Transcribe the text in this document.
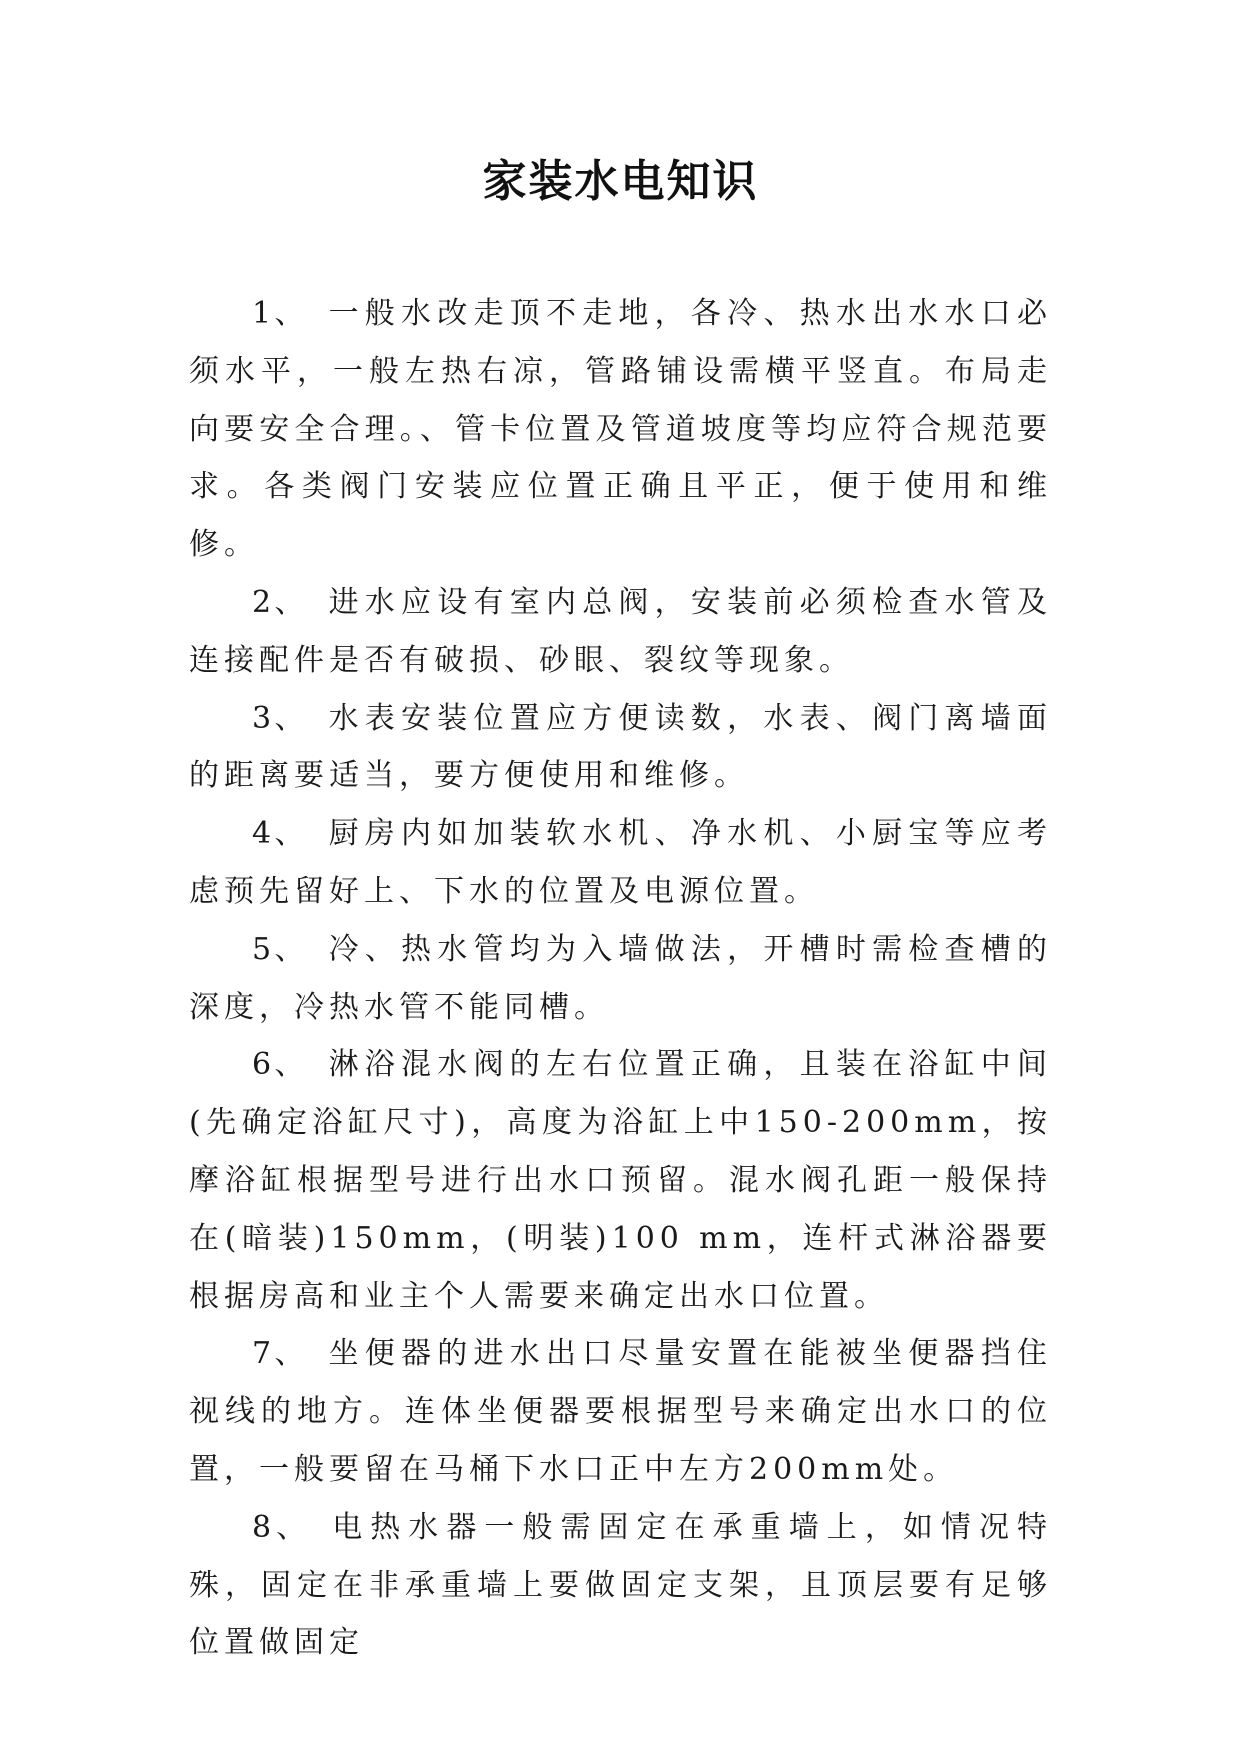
家装水电知识

1、 一般水改走顶不走地，各冷、热水出水水口必须水平，一般左热右凉，管路铺设需横平竖直。布局走向要安全合理。、管卡位置及管道坡度等均应符合规范要求。各类阀门安装应位置正确且平正，便于使用和维修。

2、 进水应设有室内总阀，安装前必须检查水管及连接配件是否有破损、砂眼、裂纹等现象。

3、 水表安装位置应方便读数，水表、阀门离墙面的距离要适当，要方便使用和维修。

4、 厨房内如加装软水机、净水机、小厨宝等应考虑预先留好上、下水的位置及电源位置。

5、 冷、热水管均为入墙做法，开槽时需检查槽的深度，冷热水管不能同槽。

6、 淋浴混水阀的左右位置正确，且装在浴缸中间(先确定浴缸尺寸)，高度为浴缸上中150-200mm，按摩浴缸根据型号进行出水口预留。混水阀孔距一般保持在(暗装)150mm，(明装)100 mm，连杆式淋浴器要根据房高和业主个人需要来确定出水口位置。

7、 坐便器的进水出口尽量安置在能被坐便器挡住视线的地方。连体坐便器要根据型号来确定出水口的位置，一般要留在马桶下水口正中左方200mm处。

8、 电热水器一般需固定在承重墙上，如情况特殊，固定在非承重墙上要做固定支架，且顶层要有足够位置做固定
